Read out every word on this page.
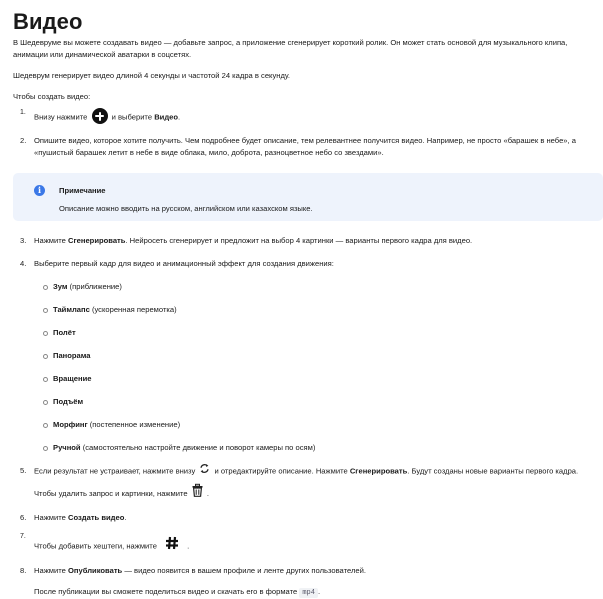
Видео

В Шедевруме вы можете создавать видео — добавьте запрос, а приложение сгенерирует короткий ролик. Он может стать основой для музыкального клипа, анимации или динамической аватарки в соцсетях.

Шедеврум генерирует видео длиной 4 секунды и частотой 24 кадра в секунду.

Чтобы создать видео:

1. Внизу нажмите	и выберите Видео.
2. Опишите видео, которое хотите получить. Чем подробнее будет описание, тем релевантнее получится видео. Например, не просто «барашек в небе», а «пушистый барашек летит в небе в виде облака, мило, доброта, разноцветное небо со звездами».
i	Примечание
Описание можно вводить на русском, английском или казахском языке.
3. Нажмите Сгенерировать. Нейросеть сгенерирует и предложит на выбор 4 картинки — варианты первого кадра для видео.
4. Выберите первый кадр для видео и анимационный эффект для создания движения:
Зум (приближение)
Таймлапс (ускоренная перемотка)
Полёт
Панорама
Вращение
Подъём
Морфинг (постепенное изменение)
Ручной (самостоятельно настройте движение и поворот камеры по осям)
5. Если результат не устраивает, нажмите внизу	и отредактируйте описание. Нажмите Сгенерировать. Будут созданы новые варианты первого кадра.

Чтобы удалить запрос и картинки, нажмите	.

6. Нажмите Создать видео.
7.
Чтобы добавить хештеги, нажмите	.
8. Нажмите Опубликовать — видео появится в вашем профиле и ленте других пользователей.

После публикации вы сможете поделиться видео и скачать его в формате mp4 .
